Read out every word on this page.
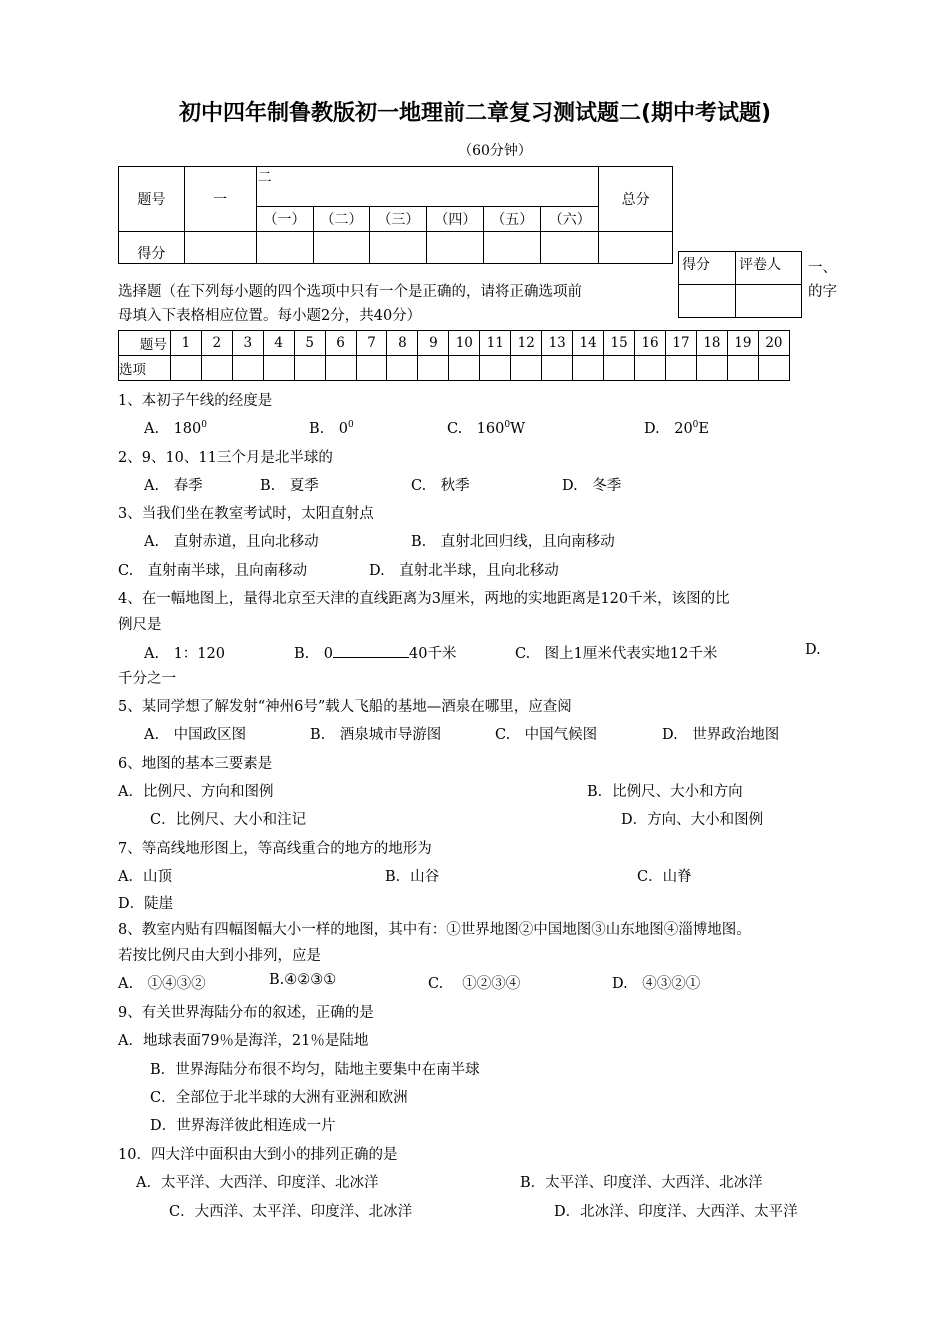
初中四年制鲁教版初一地理前二章复习测试题二(期中考试题)
（60分钟）
题号	一	二						总分
		（一）	（二）	（三）	（四）	（五）	（六）	
得分								
得分	评卷人
	一、
的字
选择题（在下列每小题的四个选项中只有一个是正确的，请将正确选项前
母填入下表格相应位置。每小题2分，共40分）
题号	1	2	3	4	5	6	7	8	9	10	11	12	13	14	15	16	17	18	19	20
选项																				
1、本初子午线的经度是
A.　$180^0$	B.　$0^0$	C.　$160^0W$	D.　$20^0E$
2、9、10、11三个月是北半球的
A.　春季	B.　夏季	C.　秋季	D.　冬季
3、当我们坐在教室考试时，太阳直射点
A.　直射赤道，且向北移动	B.　直射北回归线，且向南移动
C.　直射南半球，且向南移动	D.　直射北半球，且向北移动
4、在一幅地图上，量得北京至天津的直线距离为3厘米，两地的实地距离是120千米，该图的比
例尺是
A.　1：120	B.　0	40千米	C.　图上1厘米代表实地12千米	D.
千分之一
5、某同学想了解发射“神州6号”载人飞船的基地—酒泉在哪里，应查阅
A.　中国政区图	B.　酒泉城市导游图	C.　中国气候图	D.　世界政治地图
6、地图的基本三要素是
A．比例尺、方向和图例	B．比例尺、大小和方向
C．比例尺、大小和注记	D．方向、大小和图例
7、等高线地形图上，等高线重合的地方的地形为
A．山顶	B．山谷	C．山脊
D．陡崖
8、教室内贴有四幅图幅大小一样的地图，其中有：①世界地图②中国地图③山东地图④淄博地图。
若按比例尺由大到小排列，应是
A.　①④③②	B.④②③①	C.　 ①②③④	D.　④③②①
9、有关世界海陆分布的叙述，正确的是
A．地球表面79％是海洋，21％是陆地
B．世界海陆分布很不均匀，陆地主要集中在南半球
C．全部位于北半球的大洲有亚洲和欧洲
D．世界海洋彼此相连成一片
10．四大洋中面积由大到小的排列正确的是
A．太平洋、大西洋、印度洋、北冰洋	B．太平洋、印度洋、大西洋、北冰洋
C．大西洋、太平洋、印度洋、北冰洋	D．北冰洋、印度洋、大西洋、太平洋
